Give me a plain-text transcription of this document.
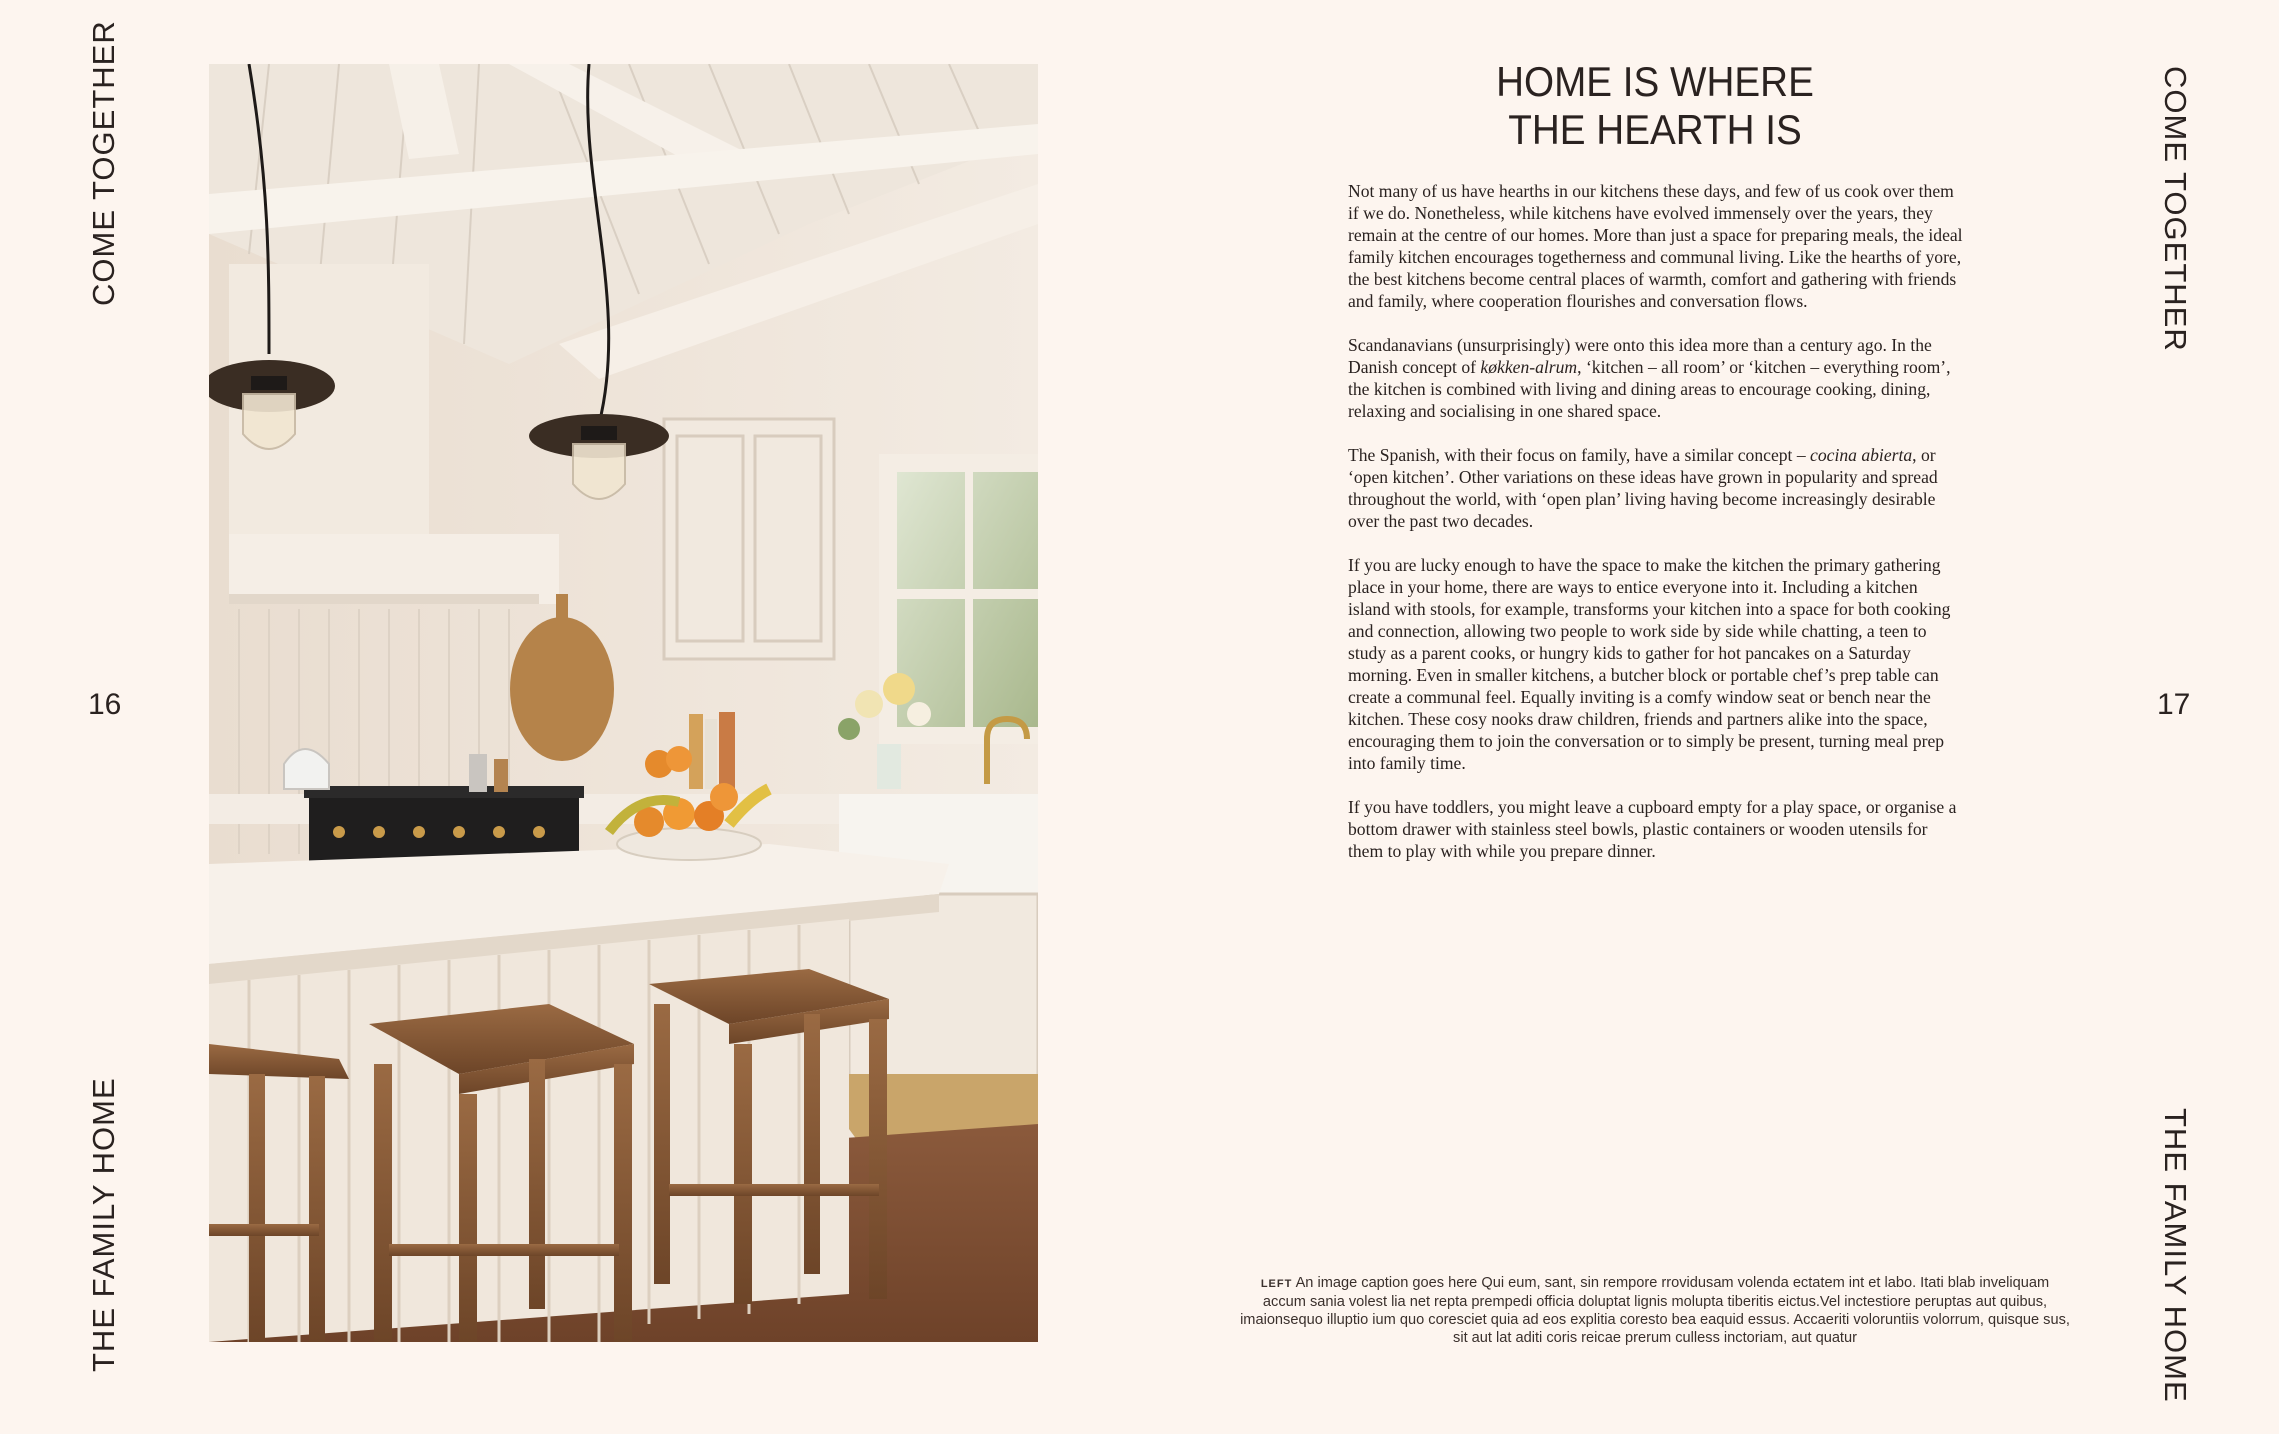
COME TOGETHER
16
THE FAMILY HOME
HOME IS WHERE
THE HEARTH IS

Not many of us have hearths in our kitchens these days, and few of us cook over them if we do. Nonetheless, while kitchens have evolved immensely over the years, they remain at the centre of our homes. More than just a space for preparing meals, the ideal family kitchen encourages togetherness and communal living. Like the hearths of yore, the best kitchens become central places of warmth, comfort and gathering with friends and family, where cooperation flourishes and conversation flows.

Scandanavians (unsurprisingly) were onto this idea more than a century ago. In the Danish concept of køkken-alrum, ‘kitchen – all room’ or ‘kitchen – everything room’, the kitchen is combined with living and dining areas to encourage cooking, dining, relaxing and socialising in one shared space.

The Spanish, with their focus on family, have a similar concept – cocina abierta, or ‘open kitchen’. Other variations on these ideas have grown in popularity and spread throughout the world, with ‘open plan’ living having become increasingly desirable over the past two decades.

If you are lucky enough to have the space to make the kitchen the primary gathering place in your home, there are ways to entice everyone into it. Including a kitchen island with stools, for example, transforms your kitchen into a space for both cooking and connection, allowing two people to work side by side while chatting, a teen to study as a parent cooks, or hungry kids to gather for hot pancakes on a Saturday morning. Even in smaller kitchens, a butcher block or portable chef’s prep table can create a communal feel. Equally inviting is a comfy window seat or bench near the kitchen. These cosy nooks draw children, friends and partners alike into the space, encouraging them to join the conversation or to simply be present, turning meal prep into family time.

If you have toddlers, you might leave a cupboard empty for a play space, or organise a bottom drawer with stainless steel bowls, plastic containers or wooden utensils for them to play with while you prepare dinner.

LEFT An image caption goes here Qui eum, sant, sin rempore rrovidusam volenda ectatem int et labo. Itati blab inveliquam accum sania volest lia net repta prempedi officia doluptat lignis molupta tiberitis eictus.Vel inctestiore peruptas aut quibus, imaionsequo illuptio ium quo coresciet quia ad eos explitia coresto bea eaquid essus. Accaeriti voloruntiis volorrum, quisque sus, sit aut lat aditi coris reicae prerum culless inctoriam, aut quatur
COME TOGETHER
17
THE FAMILY HOME
